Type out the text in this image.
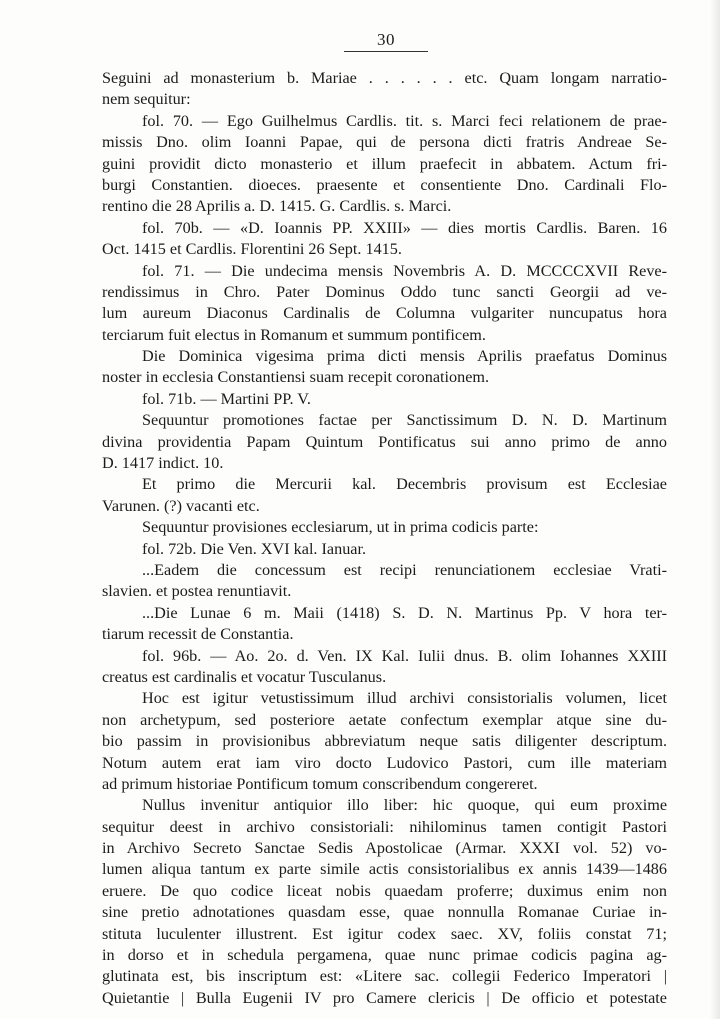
30
Seguini ad monasterium b. Mariae . . . . . . etc. Quam longam narratio-
nem sequitur:
fol. 70. — Ego Guilhelmus Cardlis. tit. s. Marci feci relationem de prae-
missis Dno. olim Ioanni Papae, qui de persona dicti fratris Andreae Se-
guini providit dicto monasterio et illum praefecit in abbatem. Actum fri-
burgi Constantien. dioeces. praesente et consentiente Dno. Cardinali Flo-
rentino die 28 Aprilis a. D. 1415. G. Cardlis. s. Marci.
fol. 70b. — «D. Ioannis PP. XXIII» — dies mortis Cardlis. Baren. 16
Oct. 1415 et Cardlis. Florentini 26 Sept. 1415.
fol. 71. — Die undecima mensis Novembris A. D. MCCCCXVII Reve-
rendissimus in Chro. Pater Dominus Oddo tunc sancti Georgii ad ve-
lum aureum Diaconus Cardinalis de Columna vulgariter nuncupatus hora
terciarum fuit electus in Romanum et summum pontificem.
Die Dominica vigesima prima dicti mensis Aprilis praefatus Dominus
noster in ecclesia Constantiensi suam recepit coronationem.
fol. 71b. — Martini PP. V.
Sequuntur promotiones factae per Sanctissimum D. N. D. Martinum
divina providentia Papam Quintum Pontificatus sui anno primo de anno
D. 1417 indict. 10.
Et primo die Mercurii kal. Decembris provisum est Ecclesiae
Varunen. (?) vacanti etc.
Sequuntur provisiones ecclesiarum, ut in prima codicis parte:
fol. 72b. Die Ven. XVI kal. Ianuar.
...Eadem die concessum est recipi renunciationem ecclesiae Vrati-
slavien. et postea renuntiavit.
...Die Lunae 6 m. Maii (1418) S. D. N. Martinus Pp. V hora ter-
tiarum recessit de Constantia.
fol. 96b. — Ao. 2o. d. Ven. IX Kal. Iulii dnus. B. olim Iohannes XXIII
creatus est cardinalis et vocatur Tusculanus.
Hoc est igitur vetustissimum illud archivi consistorialis volumen, licet
non archetypum, sed posteriore aetate confectum exemplar atque sine du-
bio passim in provisionibus abbreviatum neque satis diligenter descriptum.
Notum autem erat iam viro docto Ludovico Pastori, cum ille materiam
ad primum historiae Pontificum tomum conscribendum congereret.
Nullus invenitur antiquior illo liber: hic quoque, qui eum proxime
sequitur deest in archivo consistoriali: nihilominus tamen contigit Pastori
in Archivo Secreto Sanctae Sedis Apostolicae (Armar. XXXI vol. 52) vo-
lumen aliqua tantum ex parte simile actis consistorialibus ex annis 1439—1486
eruere. De quo codice liceat nobis quaedam proferre; duximus enim non
sine pretio adnotationes quasdam esse, quae nonnulla Romanae Curiae in-
stituta luculenter illustrent. Est igitur codex saec. XV, foliis constat 71;
in dorso et in schedula pergamena, quae nunc primae codicis pagina ag-
glutinata est, bis inscriptum est: «Litere sac. collegii Federico Imperatori |
Quietantie | Bulla Eugenii IV pro Camere clericis | De officio et potestate
